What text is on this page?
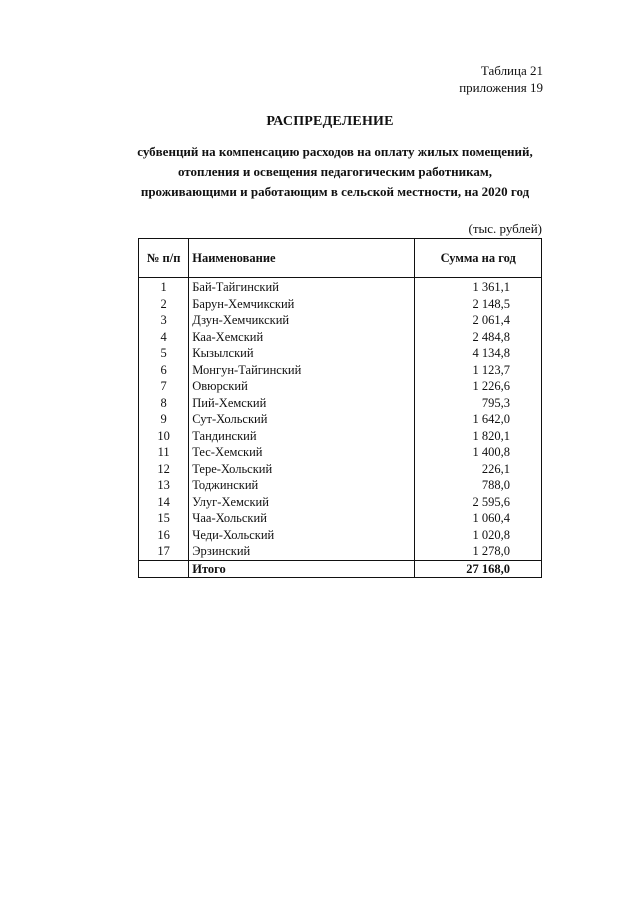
Таблица 21
приложения 19
РАСПРЕДЕЛЕНИЕ
субвенций на компенсацию расходов на оплату жилых помещений,
отопления и освещения педагогическим работникам,
проживающими и работающим в сельской местности, на 2020 год
(тыс. рублей)
№ п/п	Наименование	Сумма на год
1	Бай-Тайгинский	1 361,1
2	Барун-Хемчикский	2 148,5
3	Дзун-Хемчикский	2 061,4
4	Каа-Хемский	2 484,8
5	Кызылский	4 134,8
6	Монгун-Тайгинский	1 123,7
7	Овюрский	1 226,6
8	Пий-Хемский	795,3
9	Сут-Хольский	1 642,0
10	Тандинский	1 820,1
11	Тес-Хемский	1 400,8
12	Тере-Хольский	226,1
13	Тоджинский	788,0
14	Улуг-Хемский	2 595,6
15	Чаа-Хольский	1 060,4
16	Чеди-Хольский	1 020,8
17	Эрзинский	1 278,0
	Итого	27 168,0
